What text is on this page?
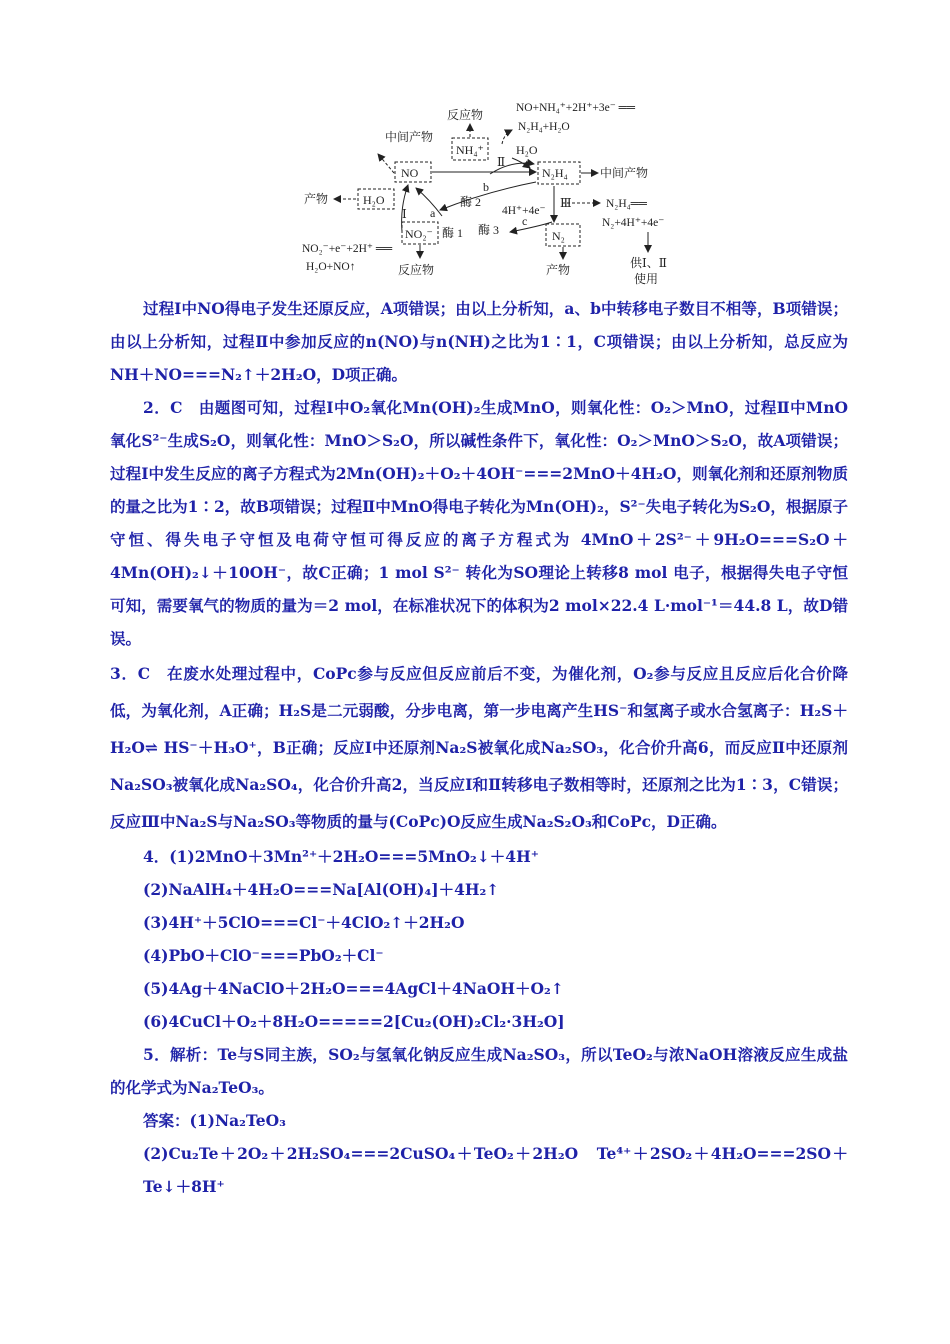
产物	H₂O
中间产物
NO
反应物
NH₄⁺
NO+NH₄⁺+2H⁺+3e⁻ ══
N₂H₄+H₂O
H₂O
Ⅱ
N₂H₄	中间产物
b
酶 2
Ⅰ a
NO₂⁻ 酶 1
NO₂⁻+e⁻+2H⁺ ══
H₂O+NO↑	反应物
4H⁺+4e⁻
c
酶 3
Ⅲ
N₂
产物
N₂H₄══
N₂+4H⁺+4e⁻
供Ⅰ、Ⅱ
使用

过程Ⅰ中NO得电子发生还原反应，A项错误；由以上分析知，a、b中转移电子数目不相等，B项错误；由以上分析知，过程Ⅱ中参加反应的n(NO)与n(NH)之比为1∶1，C项错误；由以上分析知，总反应为NH＋NO===N₂↑＋2H₂O，D项正确。

2．C　由题图可知，过程Ⅰ中O₂氧化Mn(OH)₂生成MnO，则氧化性：O₂＞MnO，过程Ⅱ中MnO氧化S²⁻生成S₂O，则氧化性：MnO＞S₂O，所以碱性条件下，氧化性：O₂＞MnO＞S₂O，故A项错误；过程Ⅰ中发生反应的离子方程式为2Mn(OH)₂＋O₂＋4OH⁻===2MnO＋4H₂O，则氧化剂和还原剂物质的量之比为1∶2，故B项错误；过程Ⅱ中MnO得电子转化为Mn(OH)₂，S²⁻失电子转化为S₂O，根据原子守恒、得失电子守恒及电荷守恒可得反应的离子方程式为 4MnO＋2S²⁻＋9H₂O===S₂O＋4Mn(OH)₂↓＋10OH⁻，故C正确；1 mol S²⁻ 转化为SO理论上转移8 mol 电子，根据得失电子守恒可知，需要氧气的物质的量为＝2 mol，在标准状况下的体积为2 mol×22.4 L·mol⁻¹＝44.8 L，故D错误。

3．C　在废水处理过程中，CoPc参与反应但反应前后不变，为催化剂，O₂参与反应且反应后化合价降低，为氧化剂，A正确；H₂S是二元弱酸，分步电离，第一步电离产生HS⁻和氢离子或水合氢离子：H₂S＋H₂O⇌ HS⁻＋H₃O⁺，B正确；反应Ⅰ中还原剂Na₂S被氧化成Na₂SO₃，化合价升高6，而反应Ⅱ中还原剂Na₂SO₃被氧化成Na₂SO₄，化合价升高2，当反应Ⅰ和Ⅱ转移电子数相等时，还原剂之比为1∶3，C错误；反应Ⅲ中Na₂S与Na₂SO₃等物质的量与(CoPc)O反应生成Na₂S₂O₃和CoPc，D正确。

4．(1)2MnO＋3Mn²⁺＋2H₂O===5MnO₂↓＋4H⁺

(2)NaAlH₄＋4H₂O===Na[Al(OH)₄]＋4H₂↑

(3)4H⁺＋5ClO===Cl⁻＋4ClO₂↑＋2H₂O

(4)PbO＋ClO⁻===PbO₂＋Cl⁻

(5)4Ag＋4NaClO＋2H₂O===4AgCl＋4NaOH＋O₂↑

(6)4CuCl＋O₂＋8H₂O=====2[Cu₂(OH)₂Cl₂·3H₂O]

5．解析：Te与S同主族，SO₂与氢氧化钠反应生成Na₂SO₃，所以TeO₂与浓NaOH溶液反应生成盐的化学式为Na₂TeO₃。

答案：(1)Na₂TeO₃

(2)Cu₂Te＋2O₂＋2H₂SO₄===2CuSO₄＋TeO₂＋2H₂O　Te⁴⁺＋2SO₂＋4H₂O===2SO＋ Te↓＋8H⁺
